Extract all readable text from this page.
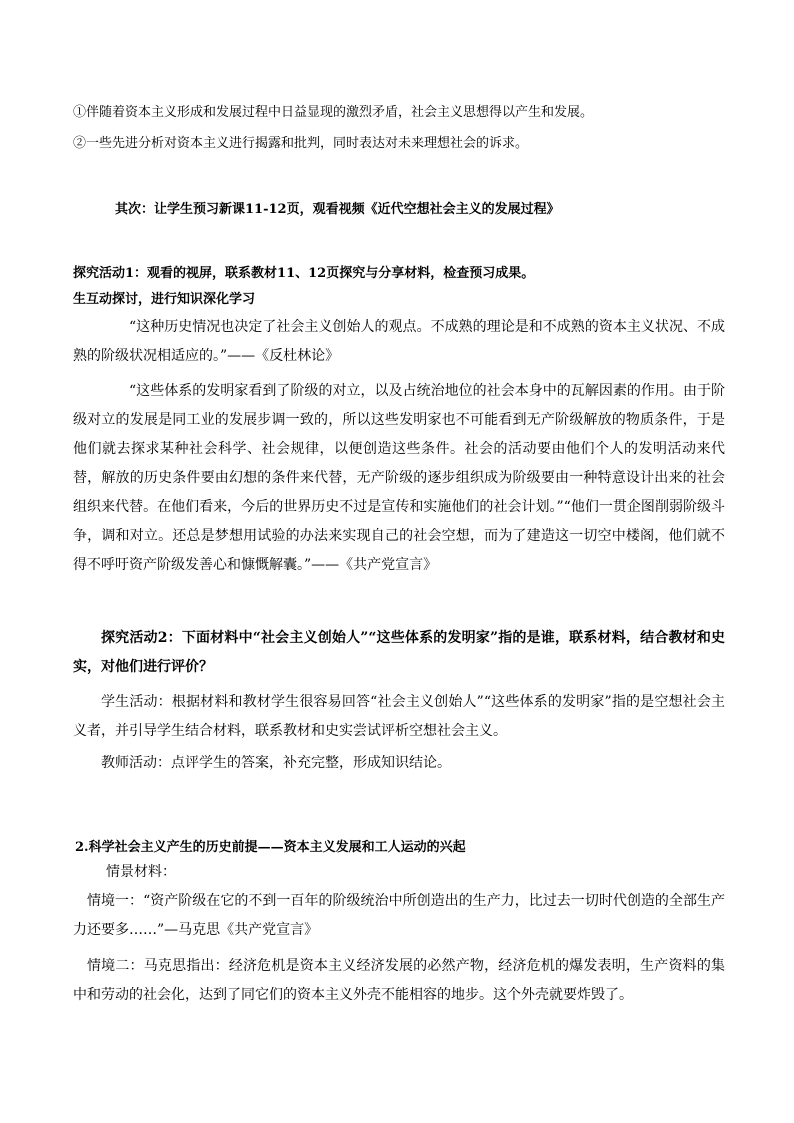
①伴随着资本主义形成和发展过程中日益显现的激烈矛盾，社会主义思想得以产生和发展。
②一些先进分析对资本主义进行揭露和批判，同时表达对未来理想社会的诉求。
其次：让学生预习新课11-12页，观看视频《近代空想社会主义的发展过程》
探究活动1：观看的视屏，联系教材11、12页探究与分享材料，检查预习成果。
生互动探讨，进行知识深化学习
“这种历史情况也决定了社会主义创始人的观点。不成熟的理论是和不成熟的资本主义状况、不成熟的阶级状况相适应的。”——《反杜林论》
“这些体系的发明家看到了阶级的对立，以及占统治地位的社会本身中的瓦解因素的作用。由于阶级对立的发展是同工业的发展步调一致的，所以这些发明家也不可能看到无产阶级解放的物质条件，于是他们就去探求某种社会科学、社会规律，以便创造这些条件。社会的活动要由他们个人的发明活动来代替，解放的历史条件要由幻想的条件来代替，无产阶级的逐步组织成为阶级要由一种特意设计出来的社会组织来代替。在他们看来，今后的世界历史不过是宣传和实施他们的社会计划。”“他们一贯企图削弱阶级斗争，调和对立。还总是梦想用试验的办法来实现自己的社会空想，而为了建造这一切空中楼阁，他们就不得不呼吁资产阶级发善心和慷慨解囊。”——《共产党宣言》
探究活动2：下面材料中“社会主义创始人”“这些体系的发明家”指的是谁，联系材料，结合教材和史实，对他们进行评价？
学生活动：根据材料和教材学生很容易回答“社会主义创始人”“这些体系的发明家”指的是空想社会主义者，并引导学生结合材料，联系教材和史实尝试评析空想社会主义。
教师活动：点评学生的答案，补充完整，形成知识结论。
2.科学社会主义产生的历史前提——资本主义发展和工人运动的兴起
情景材料：
情境一：“资产阶级在它的不到一百年的阶级统治中所创造出的生产力，比过去一切时代创造的全部生产力还要多……”—马克思《共产党宣言》
情境二：马克思指出：经济危机是资本主义经济发展的必然产物，经济危机的爆发表明，生产资料的集中和劳动的社会化，达到了同它们的资本主义外壳不能相容的地步。这个外壳就要炸毁了。
